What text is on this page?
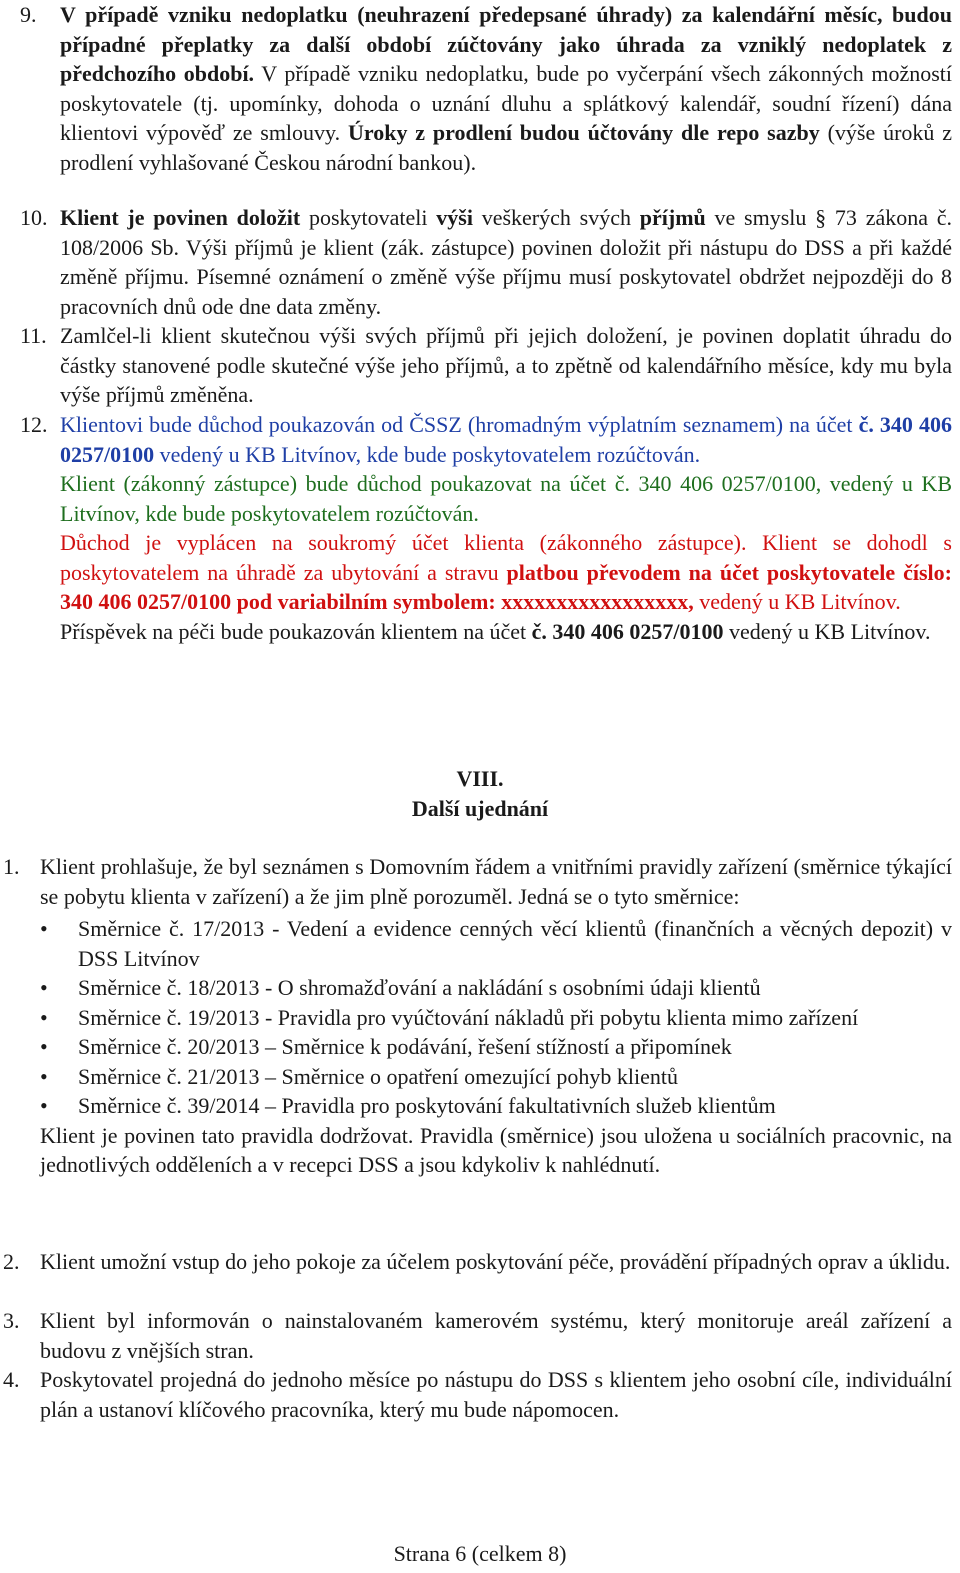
9. V případě vzniku nedoplatku (neuhrazení předepsané úhrady) za kalendářní měsíc, budou případné přeplatky za další období zúčtovány jako úhrada za vzniklý nedoplatek z předchozího období. V případě vzniku nedoplatku, bude po vyčerpání všech zákonných možností poskytovatele (tj. upomínky, dohoda o uznání dluhu a splátkový kalendář, soudní řízení) dána klientovi výpověď ze smlouvy. Úroky z prodlení budou účtovány dle repo sazby (výše úroků z prodlení vyhlašované Českou národní bankou).
10. Klient je povinen doložit poskytovateli výši veškerých svých příjmů ve smyslu § 73 zákona č. 108/2006 Sb. Výši příjmů je klient (zák. zástupce) povinen doložit při nástupu do DSS a při každé změně příjmu. Písemné oznámení o změně výše příjmu musí poskytovatel obdržet nejpozději do 8 pracovních dnů ode dne data změny.
11. Zamlčel-li klient skutečnou výši svých příjmů při jejich doložení, je povinen doplatit úhradu do částky stanovené podle skutečné výše jeho příjmů, a to zpětně od kalendářního měsíce, kdy mu byla výše příjmů změněna.
12. Klientovi bude důchod poukazován od ČSSZ (hromadným výplatním seznamem) na účet č. 340 406 0257/0100 vedený u KB Litvínov, kde bude poskytovatelem rozúčtován.
Klient (zákonný zástupce) bude důchod poukazovat na účet č. 340 406 0257/0100, vedený u KB Litvínov, kde bude poskytovatelem rozúčtován.
Důchod je vyplácen na soukromý účet klienta (zákonného zástupce). Klient se dohodl s poskytovatelem na úhradě za ubytování a stravu platbou převodem na účet poskytovatele číslo: 340 406 0257/0100 pod variabilním symbolem: xxxxxxxxxxxxxxxxx, vedený u KB Litvínov.
Příspěvek na péči bude poukazován klientem na účet č. 340 406 0257/0100 vedený u KB Litvínov.
VIII.
Další ujednání
1. Klient prohlašuje, že byl seznámen s Domovním řádem a vnitřními pravidly zařízení (směrnice týkající se pobytu klienta v zařízení) a že jim plně porozuměl. Jedná se o tyto směrnice:
• Směrnice č. 17/2013 - Vedení a evidence cenných věcí klientů (finančních a věcných depozit) v DSS Litvínov
• Směrnice č. 18/2013 - O shromažďování a nakládání s osobními údaji klientů
• Směrnice č. 19/2013 - Pravidla pro vyúčtování nákladů při pobytu klienta mimo zařízení
• Směrnice č. 20/2013 – Směrnice k podávání, řešení stížností a připomínek
• Směrnice č. 21/2013 – Směrnice o opatření omezující pohyb klientů
• Směrnice č. 39/2014 – Pravidla pro poskytování fakultativních služeb klientům
Klient je povinen tato pravidla dodržovat. Pravidla (směrnice) jsou uložena u sociálních pracovnic, na jednotlivých odděleních a v recepci DSS a jsou kdykoliv k nahlédnutí.
2. Klient umožní vstup do jeho pokoje za účelem poskytování péče, provádění případných oprav a úklidu.
3. Klient byl informován o nainstalovaném kamerovém systému, který monitoruje areál zařízení a budovu z vnějších stran.
4. Poskytovatel projedná do jednoho měsíce po nástupu do DSS s klientem jeho osobní cíle, individuální plán a ustanoví klíčového pracovníka, který mu bude nápomocen.
Strana 6 (celkem 8)
